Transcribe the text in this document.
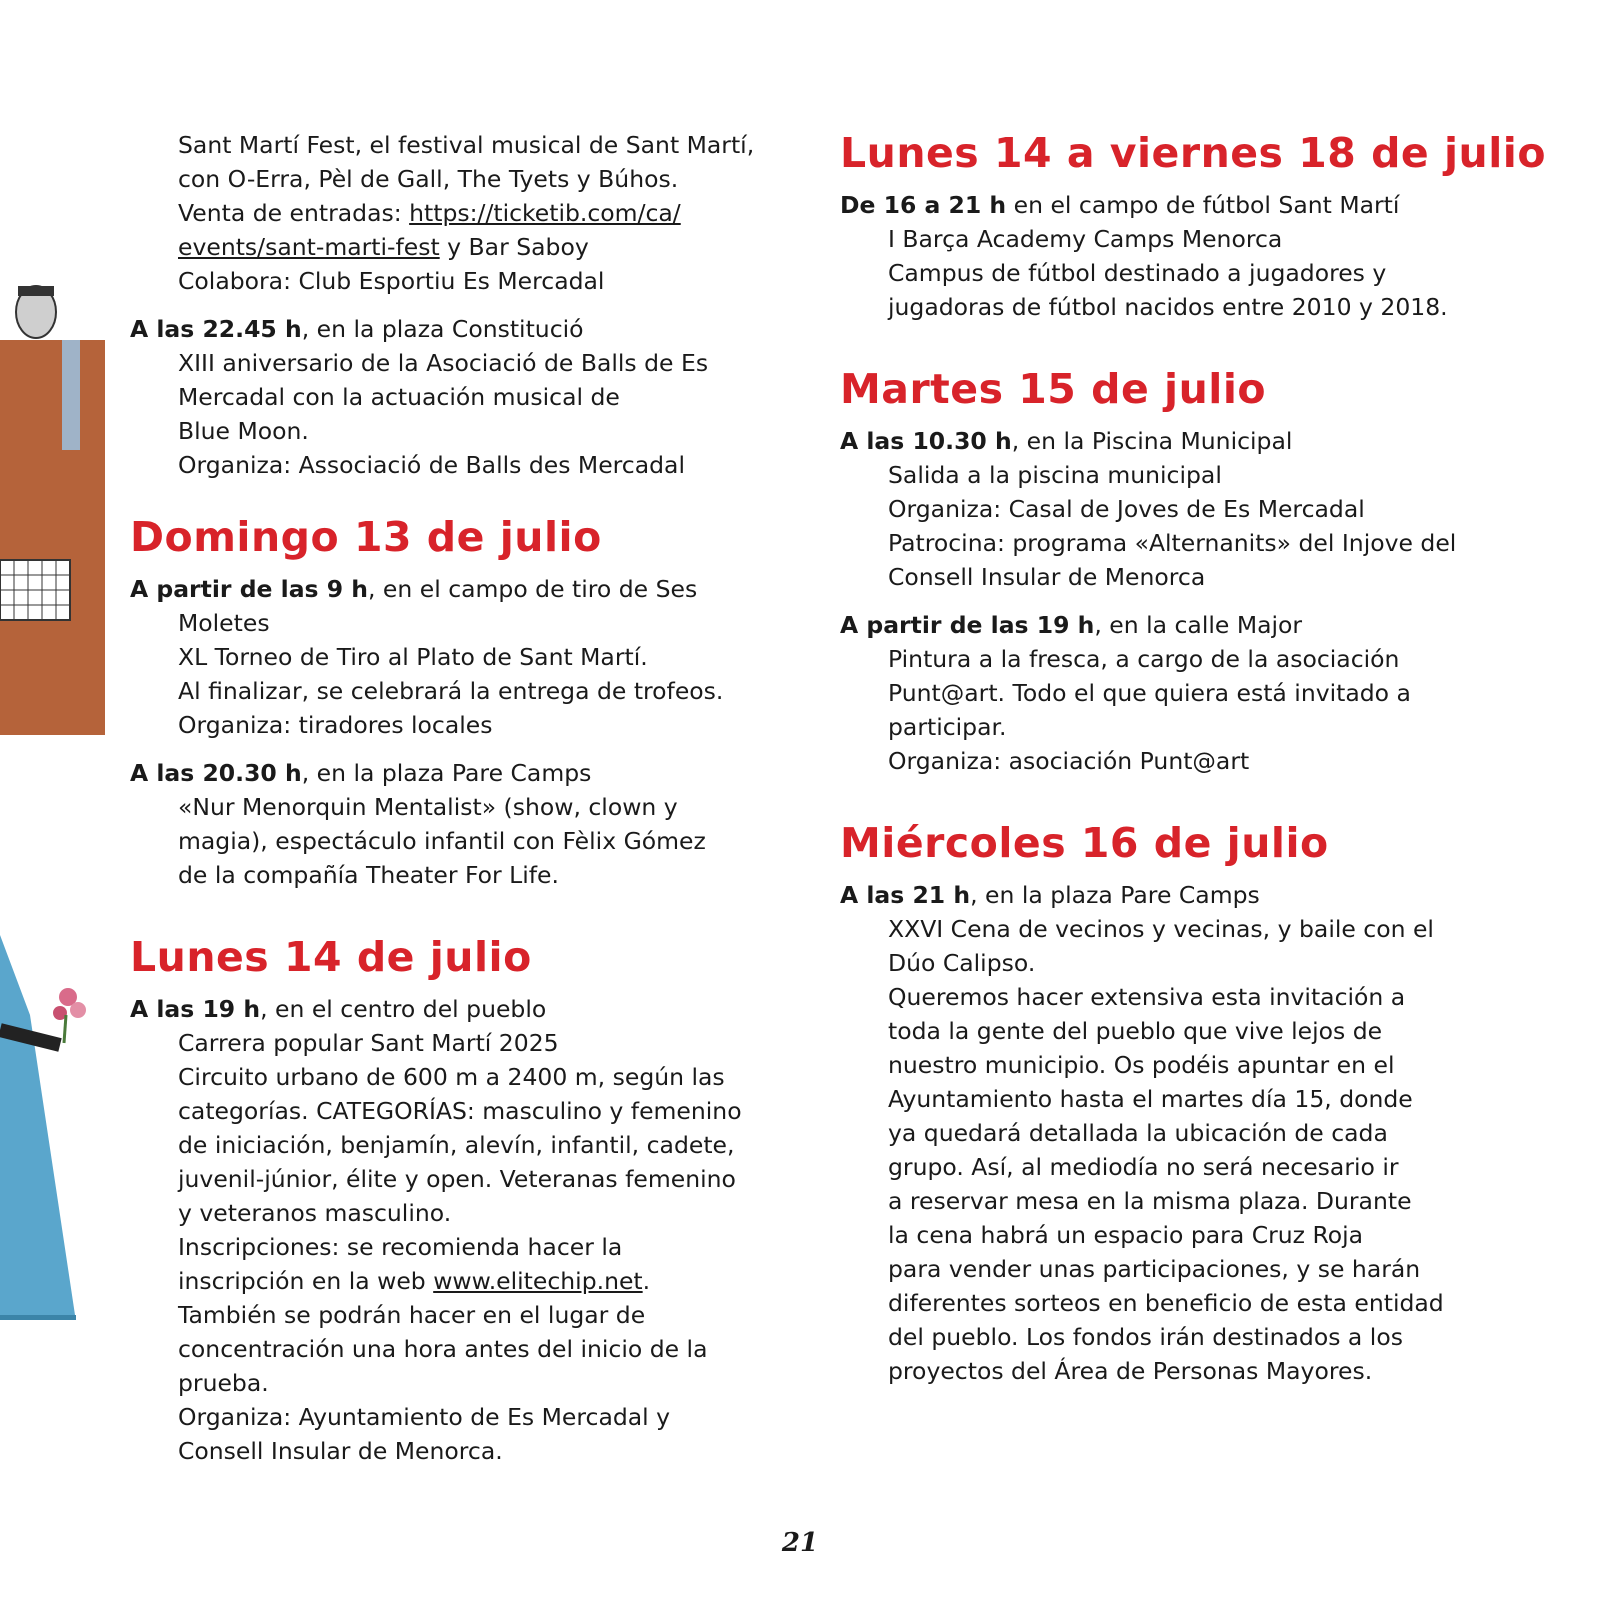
Sant Martí Fest, el festival musical de Sant Martí,
con O-Erra, Pèl de Gall, The Tyets y Búhos.
Venta de entradas: https://ticketib.com/ca/
events/sant-marti-fest y Bar Saboy
Colabora: Club Esportiu Es Mercadal
A las 22.45 h, en la plaza Constitució
XIII aniversario de la Asociació de Balls de Es
Mercadal con la actuación musical de
Blue Moon.
Organiza: Associació de Balls des Mercadal
Domingo 13 de julio
A partir de las 9 h, en el campo de tiro de Ses
Moletes
XL Torneo de Tiro al Plato de Sant Martí.
Al finalizar, se celebrará la entrega de trofeos.
Organiza: tiradores locales
A las 20.30 h, en la plaza Pare Camps
«Nur Menorquin Mentalist» (show, clown y
magia), espectáculo infantil con Fèlix Gómez
de la compañía Theater For Life.
Lunes 14 de julio
A las 19 h, en el centro del pueblo
Carrera popular Sant Martí 2025
Circuito urbano de 600 m a 2400 m, según las
categorías. CATEGORÍAS: masculino y femenino
de iniciación, benjamín, alevín, infantil, cadete,
juvenil-júnior, élite y open. Veteranas femenino
y veteranos masculino.
Inscripciones: se recomienda hacer la
inscripción en la web www.elitechip.net.
También se podrán hacer en el lugar de
concentración una hora antes del inicio de la
prueba.
Organiza: Ayuntamiento de Es Mercadal y
Consell Insular de Menorca.
Lunes 14 a viernes 18 de julio
De 16 a 21 h en el campo de fútbol Sant Martí
I Barça Academy Camps Menorca
Campus de fútbol destinado a jugadores y
jugadoras de fútbol nacidos entre 2010 y 2018.
Martes 15 de julio
A las 10.30 h, en la Piscina Municipal
Salida a la piscina municipal
Organiza: Casal de Joves de Es Mercadal
Patrocina: programa «Alternanits» del Injove del
Consell Insular de Menorca
A partir de las 19 h, en la calle Major
Pintura a la fresca, a cargo de la asociación
Punt@art. Todo el que quiera está invitado a
participar.
Organiza: asociación Punt@art
Miércoles 16 de julio
A las 21 h, en la plaza Pare Camps
XXVI Cena de vecinos y vecinas, y baile con el
Dúo Calipso.
Queremos hacer extensiva esta invitación a
toda la gente del pueblo que vive lejos de
nuestro municipio. Os podéis apuntar en el
Ayuntamiento hasta el martes día 15, donde
ya quedará detallada la ubicación de cada
grupo. Así, al mediodía no será necesario ir
a reservar mesa en la misma plaza. Durante
la cena habrá un espacio para Cruz Roja
para vender unas participaciones, y se harán
diferentes sorteos en beneficio de esta entidad
del pueblo. Los fondos irán destinados a los
proyectos del Área de Personas Mayores.
21
